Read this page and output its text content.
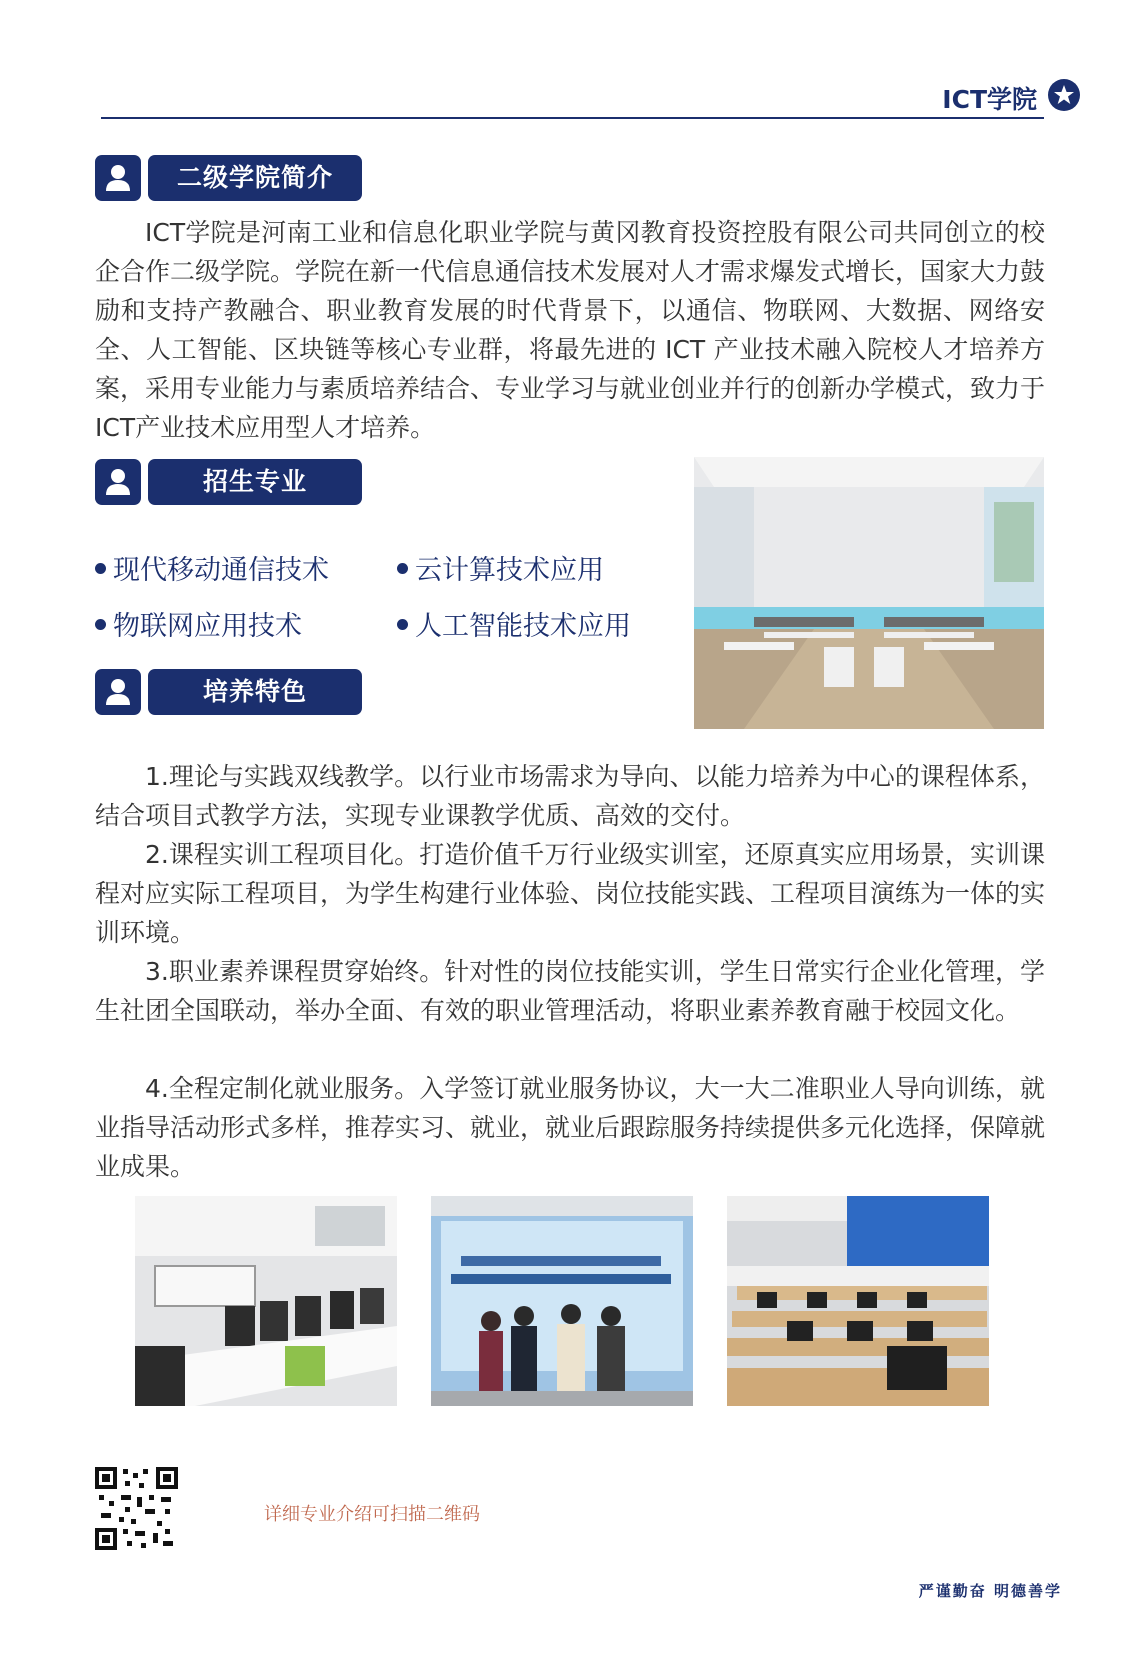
ICT学院
二级学院简介

ICT学院是河南工业和信息化职业学院与黄冈教育投资控股有限公司共同创立的校企合作二级学院。学院在新一代信息通信技术发展对人才需求爆发式增长，国家大力鼓励和支持产教融合、职业教育发展的时代背景下，以通信、物联网、大数据、网络安全、人工智能、区块链等核心专业群，将最先进的 ICT 产业技术融入院校人才培养方案，采用专业能力与素质培养结合、专业学习与就业创业并行的创新办学模式，致力于ICT产业技术应用型人才培养。

招生专业
现代移动通信技术	云计算技术应用
物联网应用技术	人工智能技术应用
培养特色

1.理论与实践双线教学。以行业市场需求为导向、以能力培养为中心的课程体系，结合项目式教学方法，实现专业课教学优质、高效的交付。

2.课程实训工程项目化。打造价值千万行业级实训室，还原真实应用场景，实训课程对应实际工程项目，为学生构建行业体验、岗位技能实践、工程项目演练为一体的实训环境。

3.职业素养课程贯穿始终。针对性的岗位技能实训，学生日常实行企业化管理，学生社团全国联动，举办全面、有效的职业管理活动，将职业素养教育融于校园文化。

4.全程定制化就业服务。入学签订就业服务协议，大一大二准职业人导向训练，就业指导活动形式多样，推荐实习、就业，就业后跟踪服务持续提供多元化选择，保障就业成果。

详细专业介绍可扫描二维码
严谨勤奋 明德善学
